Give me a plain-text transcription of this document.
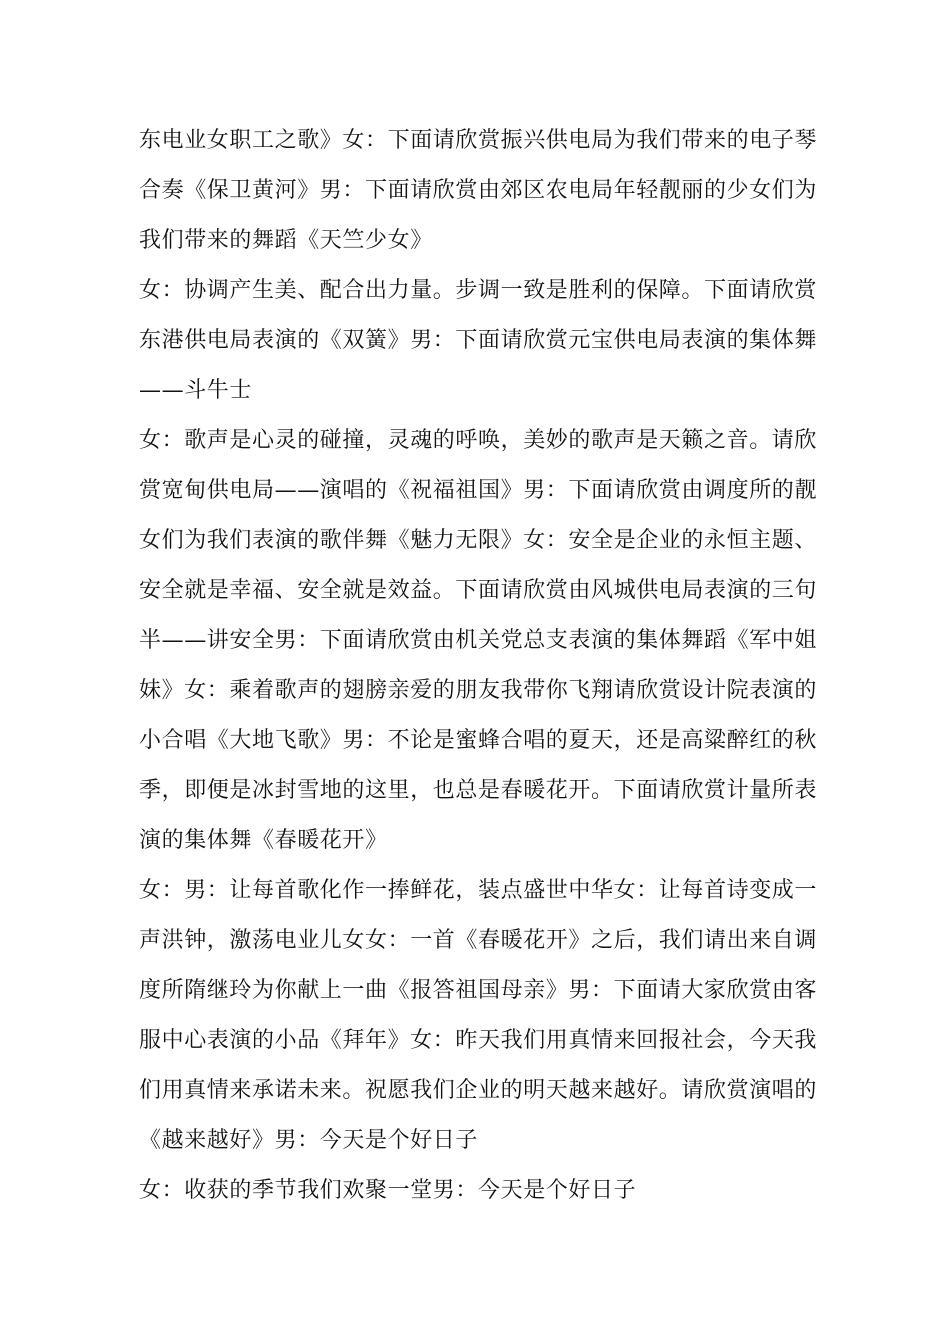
东电业女职工之歌》女：下面请欣赏振兴供电局为我们带来的电子琴
合奏《保卫黄河》男：下面请欣赏由郊区农电局年轻靓丽的少女们为
我们带来的舞蹈《天竺少女》
女：协调产生美、配合出力量。步调一致是胜利的保障。下面请欣赏
东港供电局表演的《双簧》男：下面请欣赏元宝供电局表演的集体舞
——斗牛士
女：歌声是心灵的碰撞，灵魂的呼唤，美妙的歌声是天籁之音。请欣
赏宽甸供电局——演唱的《祝福祖国》男：下面请欣赏由调度所的靓
女们为我们表演的歌伴舞《魅力无限》女：安全是企业的永恒主题、
安全就是幸福、安全就是效益。下面请欣赏由风城供电局表演的三句
半——讲安全男：下面请欣赏由机关党总支表演的集体舞蹈《军中姐
妹》女：乘着歌声的翅膀亲爱的朋友我带你飞翔请欣赏设计院表演的
小合唱《大地飞歌》男：不论是蜜蜂合唱的夏天，还是高粱醉红的秋
季，即便是冰封雪地的这里，也总是春暖花开。下面请欣赏计量所表
演的集体舞《春暖花开》
女：男：让每首歌化作一捧鲜花，装点盛世中华女：让每首诗变成一
声洪钟，激荡电业儿女女：一首《春暖花开》之后，我们请出来自调
度所隋继玲为你献上一曲《报答祖国母亲》男：下面请大家欣赏由客
服中心表演的小品《拜年》女：昨天我们用真情来回报社会，今天我
们用真情来承诺未来。祝愿我们企业的明天越来越好。请欣赏演唱的
《越来越好》男：今天是个好日子
女：收获的季节我们欢聚一堂男：今天是个好日子
